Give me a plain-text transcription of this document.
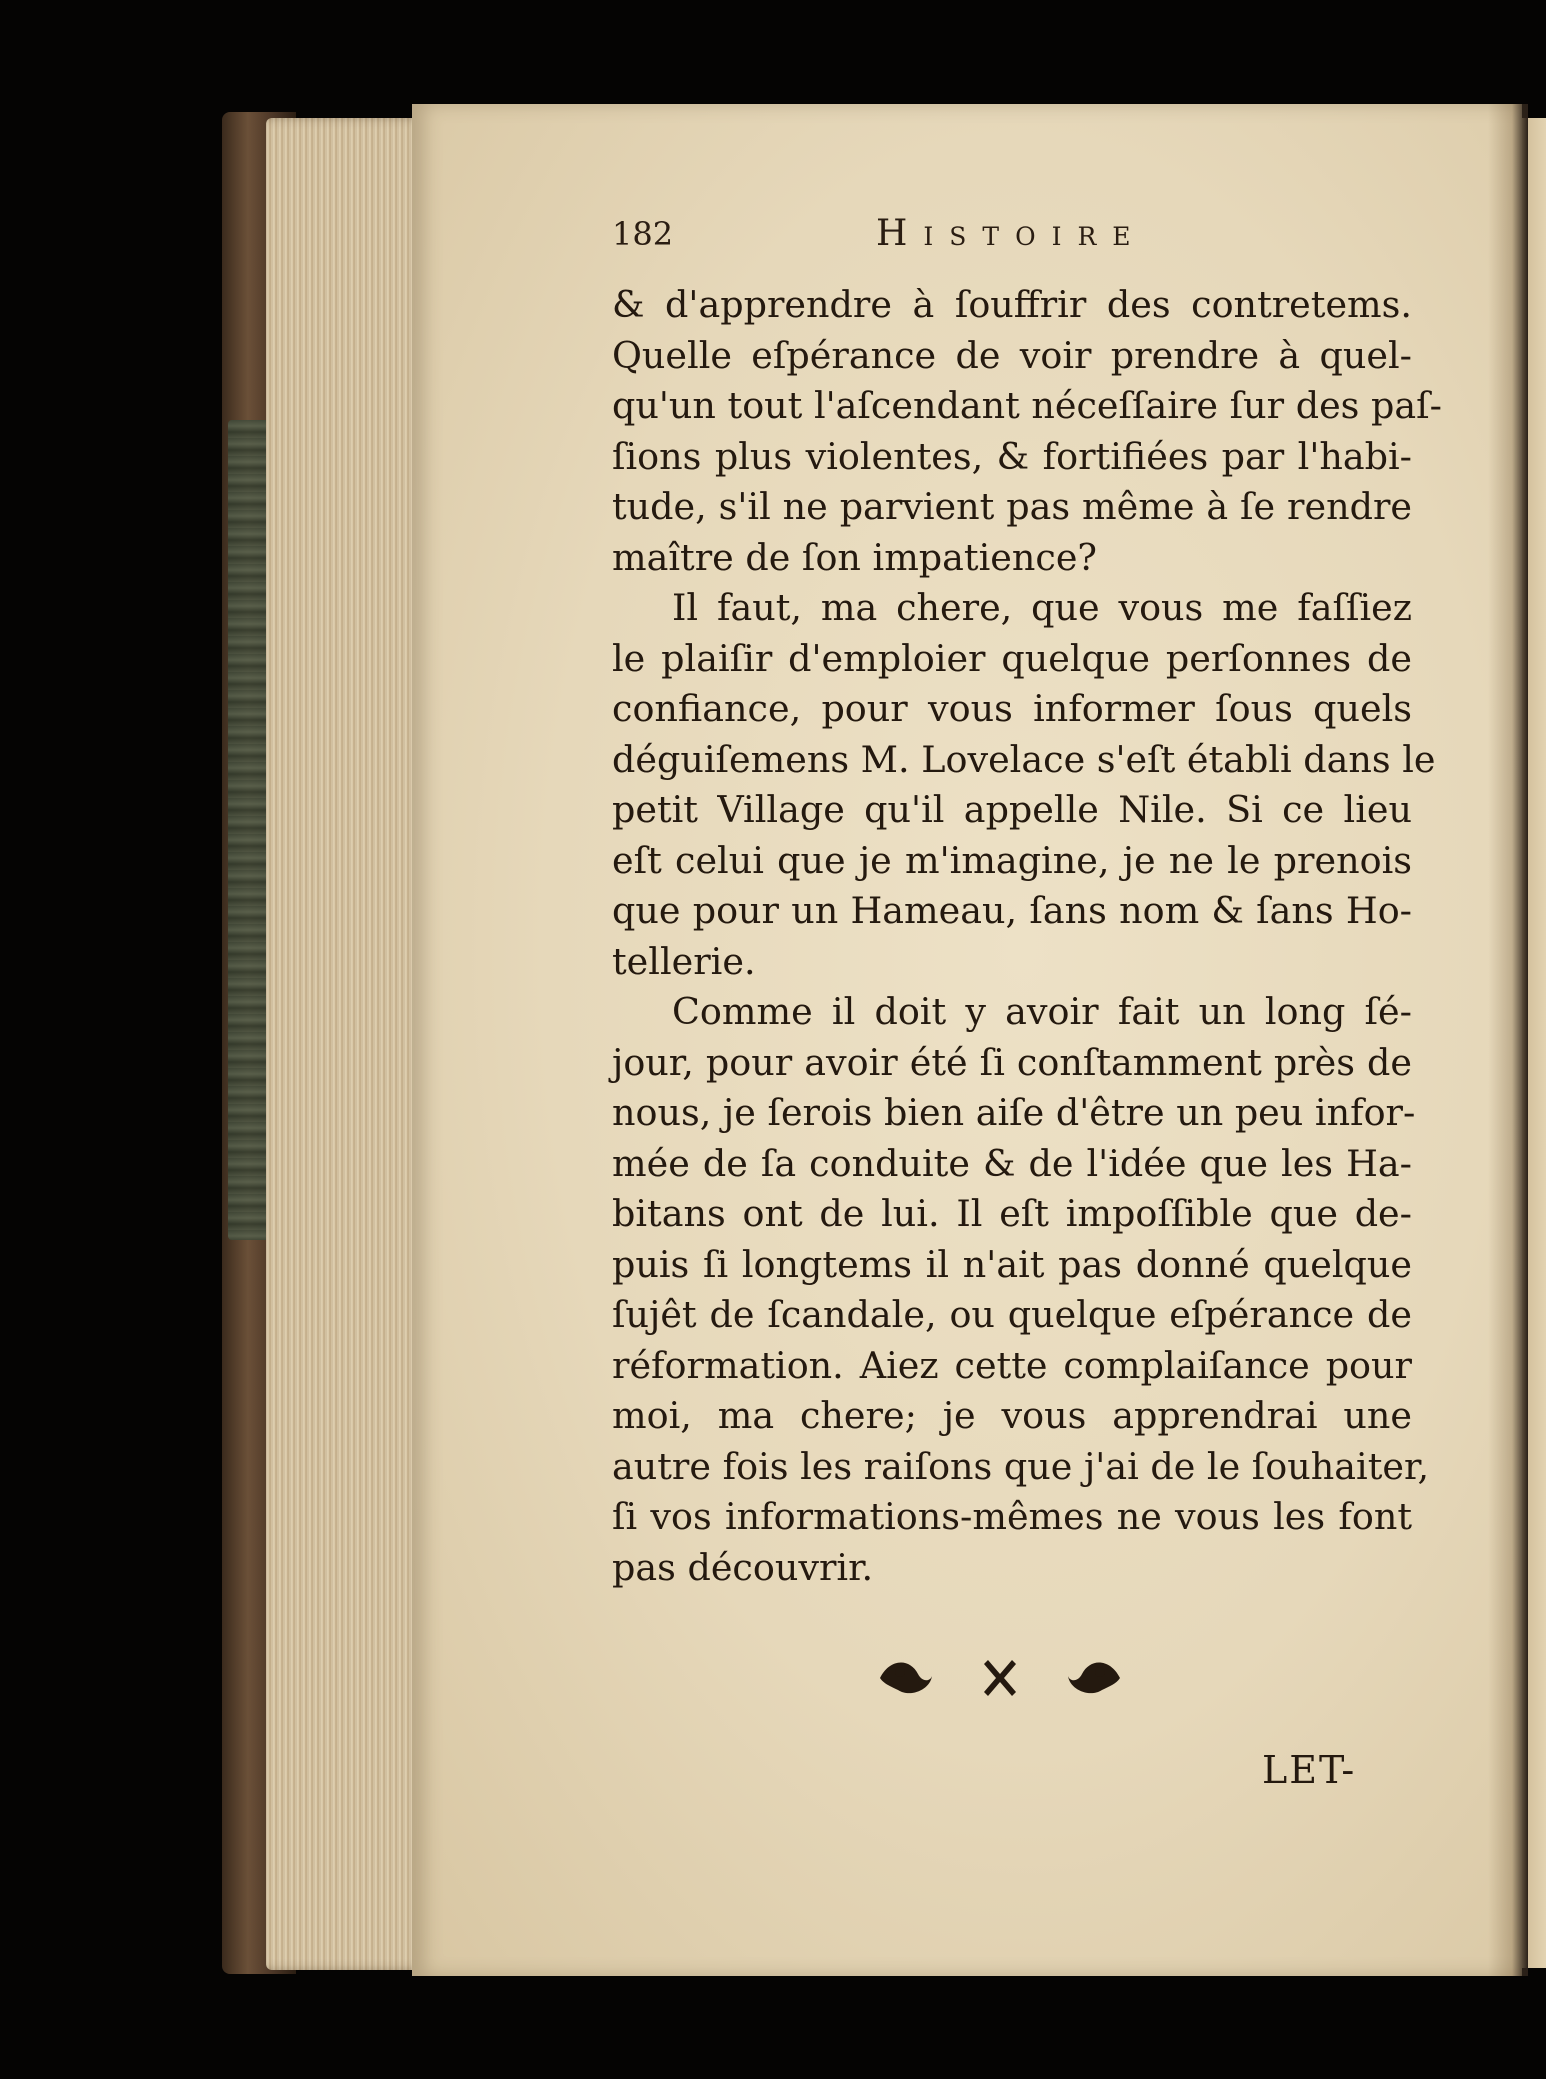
182	Histoire
& d'apprendre à ſouffrir des contretems.
Quelle eſpérance de voir prendre à quel-
qu'un tout l'aſcendant néceſſaire ſur des paſ-
ſions plus violentes, & fortifiées par l'habi-
tude, s'il ne parvient pas même à ſe rendre
maître de ſon impatience?
Il faut, ma chere, que vous me faſſiez
le plaiſir d'emploier quelque perſonnes de
confiance, pour vous informer ſous quels
déguiſemens M. Lovelace s'eſt établi dans le
petit Village qu'il appelle Nile. Si ce lieu
eſt celui que je m'imagine, je ne le prenois
que pour un Hameau, ſans nom & ſans Ho-
tellerie.
Comme il doit y avoir fait un long ſé-
jour, pour avoir été ſi conſtamment près de
nous, je ſerois bien aiſe d'être un peu infor-
mée de ſa conduite & de l'idée que les Ha-
bitans ont de lui. Il eſt impoſſible que de-
puis ſi longtems il n'ait pas donné quelque
ſujêt de ſcandale, ou quelque eſpérance de
réformation. Aiez cette complaiſance pour
moi, ma chere; je vous apprendrai une
autre fois les raiſons que j'ai de le ſouhaiter,
ſi vos informations-mêmes ne vous les font
pas découvrir.
LET-
